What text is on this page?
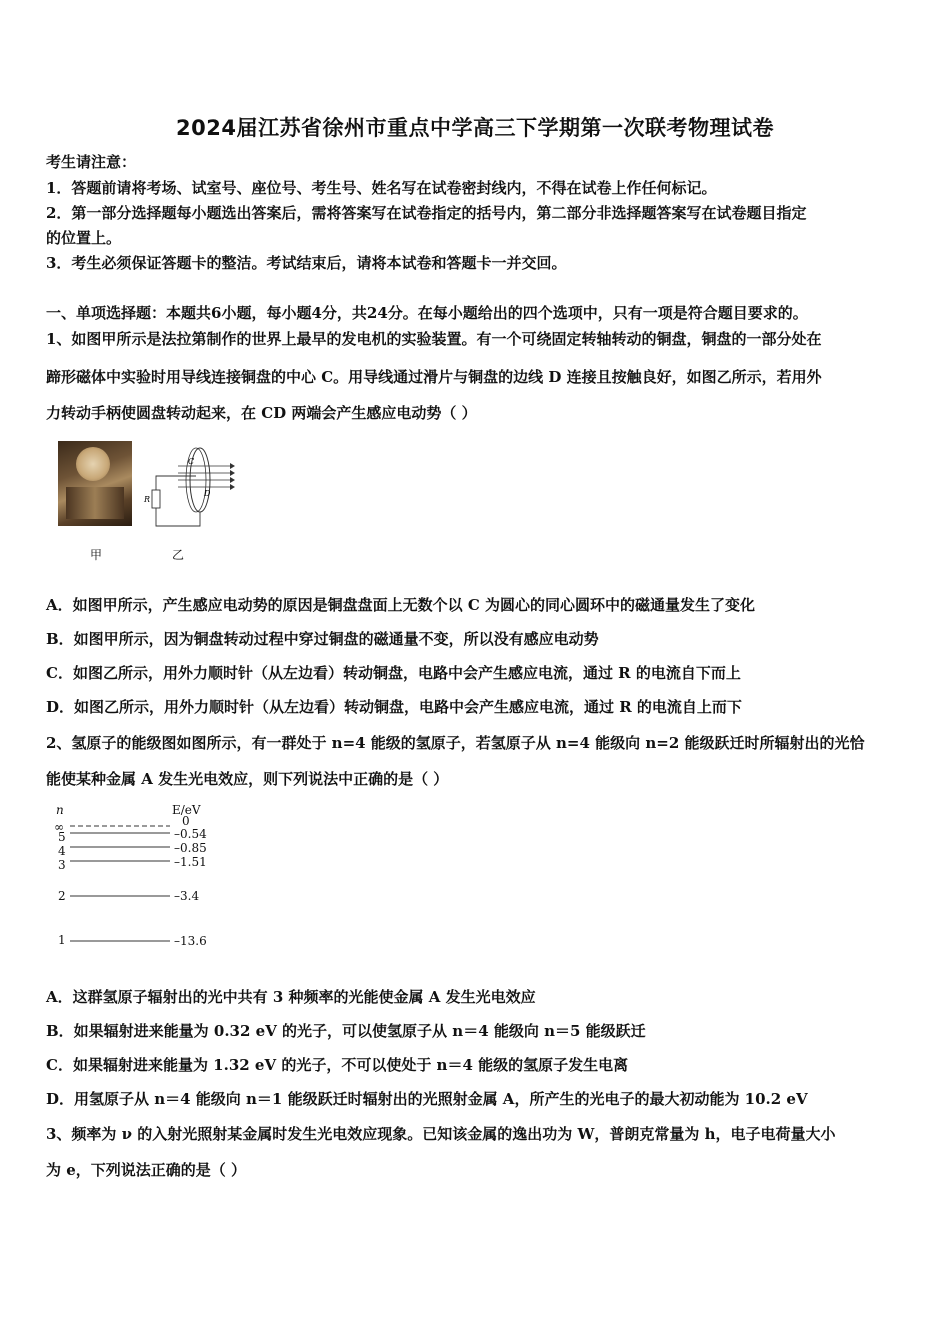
2024届江苏省徐州市重点中学高三下学期第一次联考物理试卷
考生请注意：
1．答题前请将考场、试室号、座位号、考生号、姓名写在试卷密封线内，不得在试卷上作任何标记。
2．第一部分选择题每小题选出答案后，需将答案写在试卷指定的括号内，第二部分非选择题答案写在试卷题目指定
的位置上。
3．考生必须保证答题卡的整洁。考试结束后，请将本试卷和答题卡一并交回。
一、单项选择题：本题共6小题，每小题4分，共24分。在每小题给出的四个选项中，只有一项是符合题目要求的。
1、如图甲所示是法拉第制作的世界上最早的发电机的实验装置。有一个可绕固定转轴转动的铜盘，铜盘的一部分处在
蹄形磁体中实验时用导线连接铜盘的中心 C。用导线通过滑片与铜盘的边线 D 连接且按触良好，如图乙所示，若用外
力转动手柄使圆盘转动起来，在 CD 两端会产生感应电动势（ ）
C
D
R
甲	乙
A．如图甲所示，产生感应电动势的原因是铜盘盘面上无数个以 C 为圆心的同心圆环中的磁通量发生了变化
B．如图甲所示，因为铜盘转动过程中穿过铜盘的磁通量不变，所以没有感应电动势
C．如图乙所示，用外力顺时针（从左边看）转动铜盘，电路中会产生感应电流，通过 R 的电流自下而上
D．如图乙所示，用外力顺时针（从左边看）转动铜盘，电路中会产生感应电流，通过 R 的电流自上而下
2、氢原子的能级图如图所示，有一群处于 n=4 能级的氢原子，若氢原子从 n=4 能级向 n=2 能级跃迁时所辐射出的光恰
能使某种金属 A 发生光电效应，则下列说法中正确的是（ ）
n	E/eV
∞	0
5	–0.54
4	–0.85
3	–1.51
2	–3.4
1	–13.6
A．这群氢原子辐射出的光中共有 3 种频率的光能使金属 A 发生光电效应
B．如果辐射进来能量为 0.32 eV 的光子，可以使氢原子从 n＝4 能级向 n＝5 能级跃迁
C．如果辐射进来能量为 1.32 eV 的光子，不可以使处于 n＝4 能级的氢原子发生电离
D．用氢原子从 n＝4 能级向 n＝1 能级跃迁时辐射出的光照射金属 A，所产生的光电子的最大初动能为 10.2 eV
3、频率为 ν 的入射光照射某金属时发生光电效应现象。已知该金属的逸出功为 W，普朗克常量为 h，电子电荷量大小
为 e，下列说法正确的是（ ）
